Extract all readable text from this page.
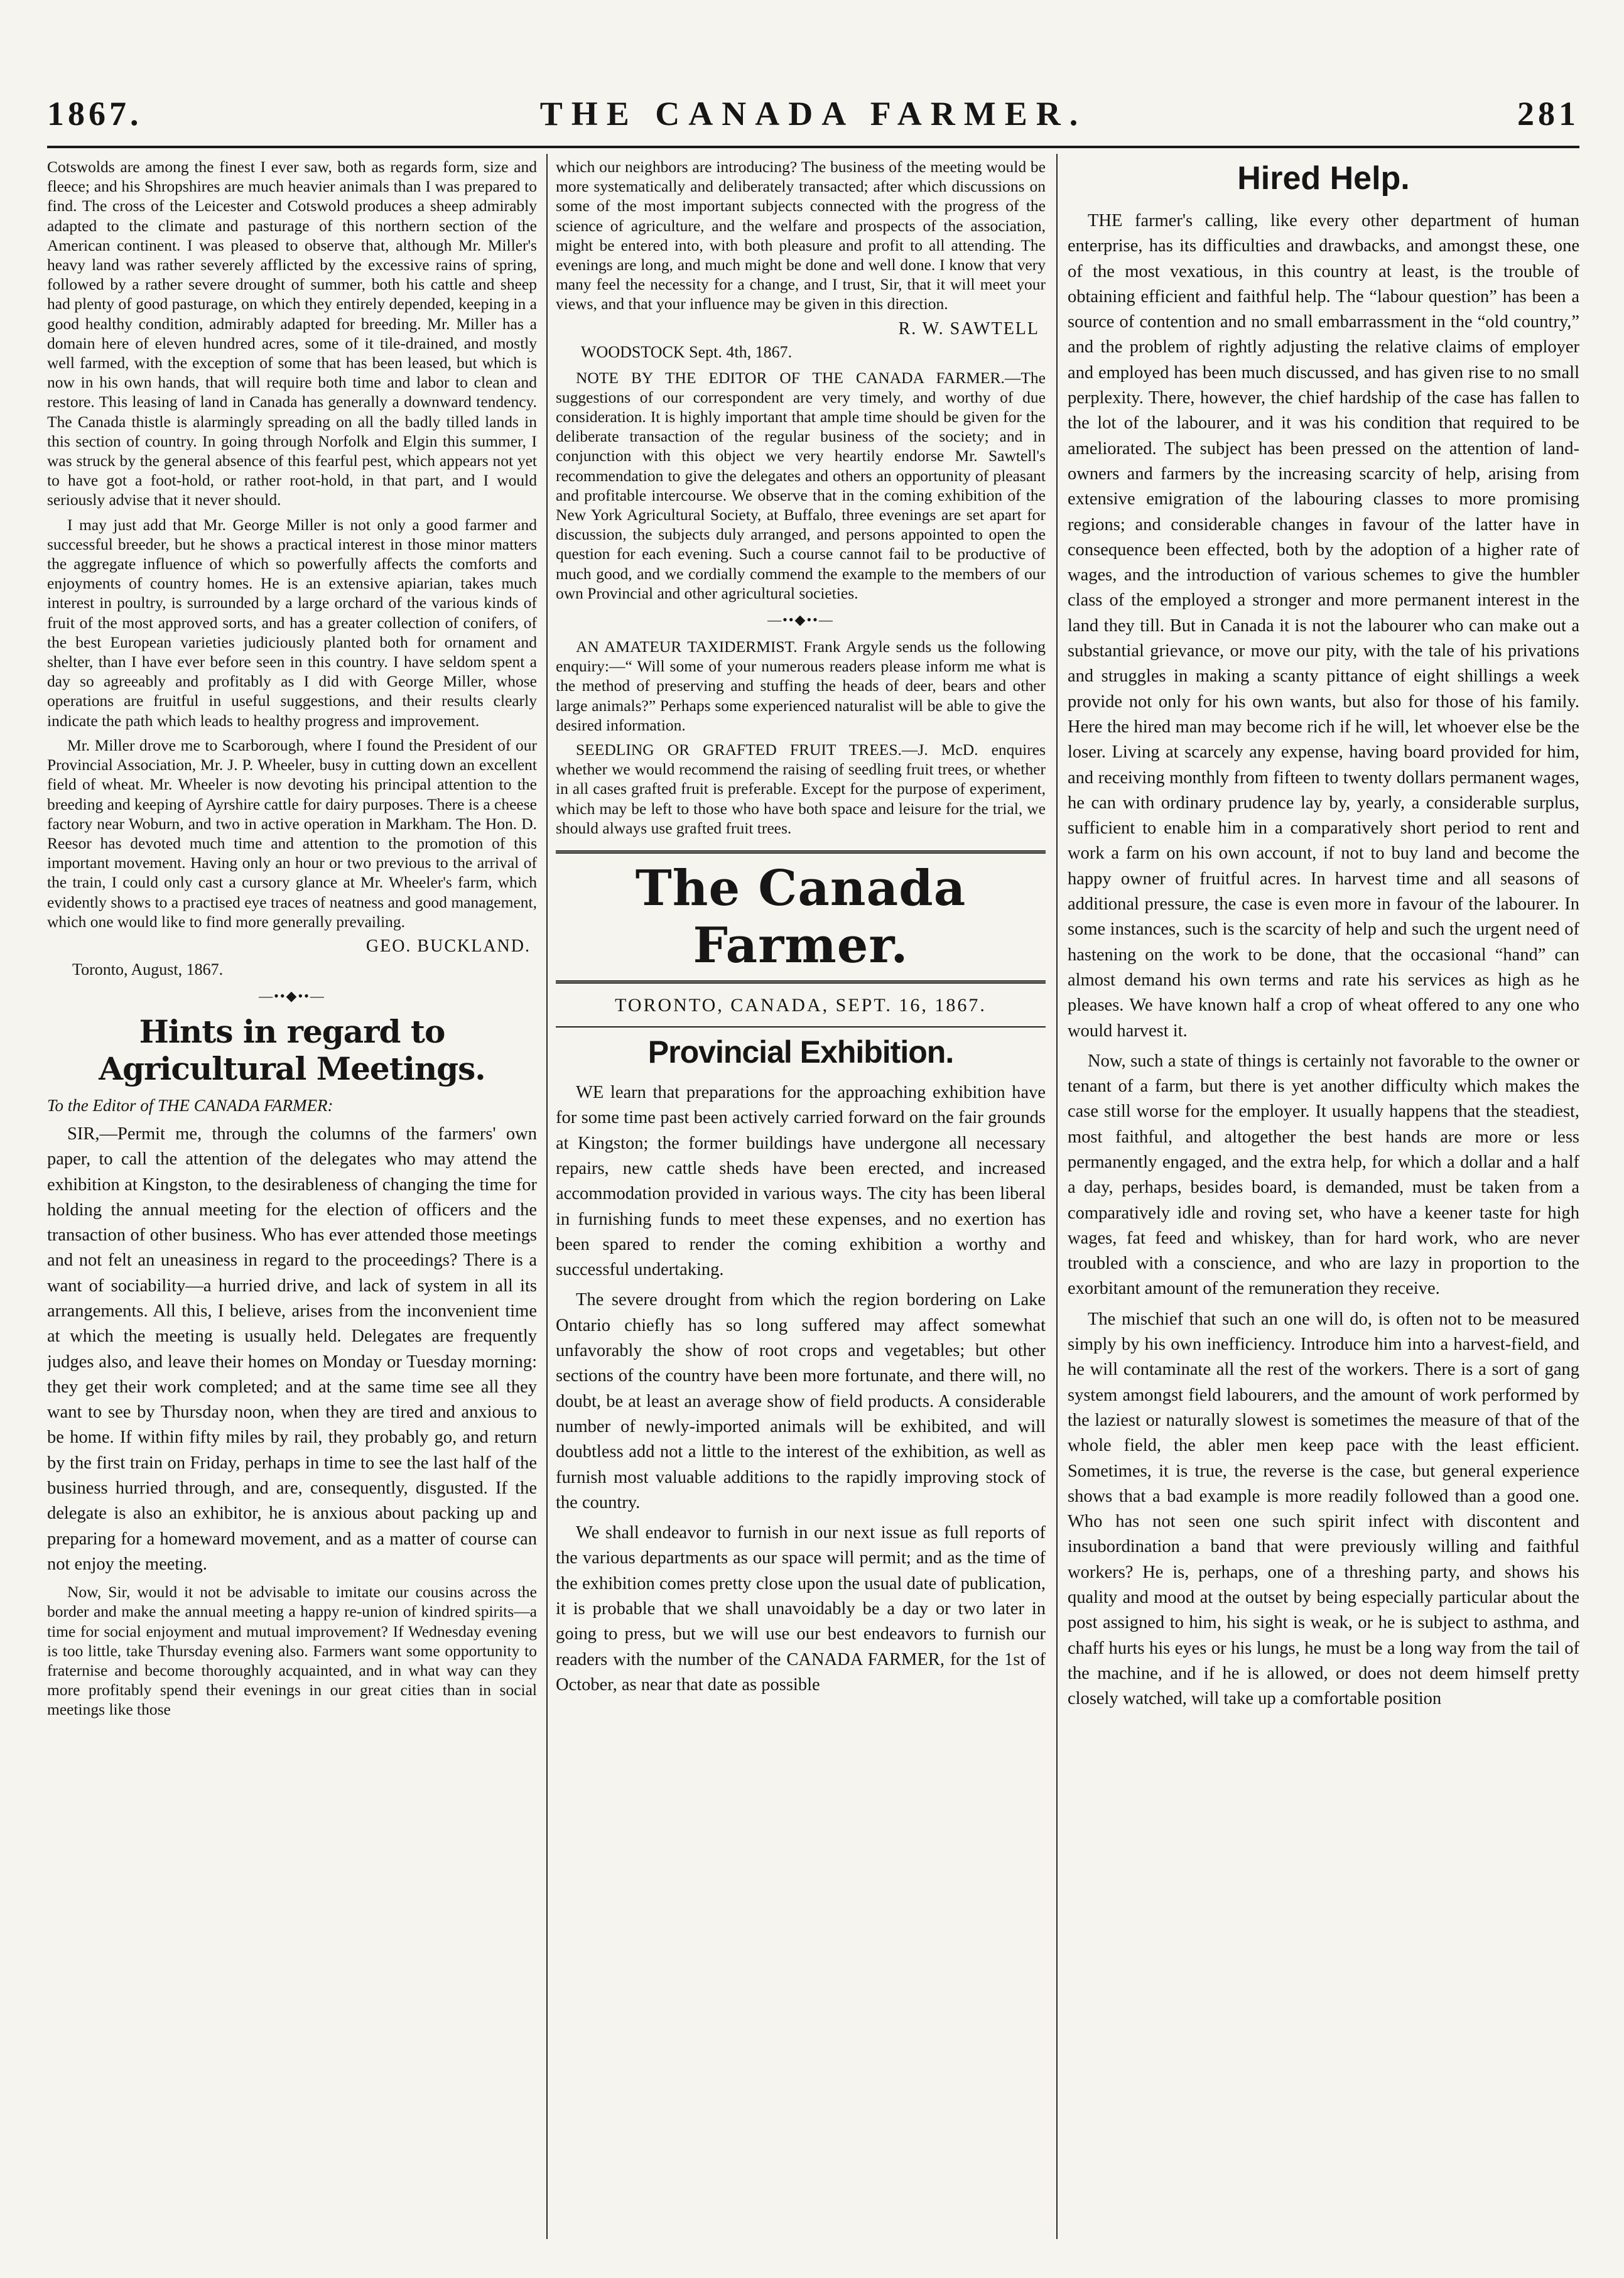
THE CANADA FARMER.
1867.	281

Cotswolds are among the finest I ever saw, both as regards form, size and fleece; and his Shropshires are much heavier animals than I was prepared to find. The cross of the Leicester and Cotswold produces a sheep admirably adapted to the climate and pasturage of this northern section of the American continent. I was pleased to observe that, although Mr. Miller's heavy land was rather severely afflicted by the excessive rains of spring, followed by a rather severe drought of summer, both his cattle and sheep had plenty of good pasturage, on which they entirely depended, keeping in a good healthy condition, admirably adapted for breeding. Mr. Miller has a domain here of eleven hundred acres, some of it tile-drained, and mostly well farmed, with the exception of some that has been leased, but which is now in his own hands, that will require both time and labor to clean and restore. This leasing of land in Canada has generally a downward tendency. The Canada thistle is alarmingly spreading on all the badly tilled lands in this section of country. In going through Norfolk and Elgin this summer, I was struck by the general absence of this fearful pest, which appears not yet to have got a foot-hold, or rather root-hold, in that part, and I would seriously advise that it never should.

I may just add that Mr. George Miller is not only a good farmer and successful breeder, but he shows a practical interest in those minor matters the aggregate influence of which so powerfully affects the comforts and enjoyments of country homes. He is an extensive apiarian, takes much interest in poultry, is surrounded by a large orchard of the various kinds of fruit of the most approved sorts, and has a greater collection of conifers, of the best European varieties judiciously planted both for ornament and shelter, than I have ever before seen in this country. I have seldom spent a day so agreeably and profitably as I did with George Miller, whose operations are fruitful in useful suggestions, and their results clearly indicate the path which leads to healthy progress and improvement.

Mr. Miller drove me to Scarborough, where I found the President of our Provincial Association, Mr. J. P. Wheeler, busy in cutting down an excellent field of wheat. Mr. Wheeler is now devoting his principal attention to the breeding and keeping of Ayrshire cattle for dairy purposes. There is a cheese factory near Woburn, and two in active operation in Markham. The Hon. D. Reesor has devoted much time and attention to the promotion of this important movement. Having only an hour or two previous to the arrival of the train, I could only cast a cursory glance at Mr. Wheeler's farm, which evidently shows to a practised eye traces of neatness and good management, which one would like to find more generally prevailing.

GEO. BUCKLAND.
Toronto, August, 1867.
—••◆••—
Hints in regard to Agricultural Meetings.
To the Editor of THE CANADA FARMER:

SIR,—Permit me, through the columns of the farmers' own paper, to call the attention of the delegates who may attend the exhibition at Kingston, to the desirableness of changing the time for holding the annual meeting for the election of officers and the transaction of other business. Who has ever attended those meetings and not felt an uneasiness in regard to the proceedings? There is a want of sociability—a hurried drive, and lack of system in all its arrangements. All this, I believe, arises from the inconvenient time at which the meeting is usually held. Delegates are frequently judges also, and leave their homes on Monday or Tuesday morning: they get their work completed; and at the same time see all they want to see by Thursday noon, when they are tired and anxious to be home. If within fifty miles by rail, they probably go, and return by the first train on Friday, perhaps in time to see the last half of the business hurried through, and are, consequently, disgusted. If the delegate is also an exhibitor, he is anxious about packing up and preparing for a homeward movement, and as a matter of course can not enjoy the meeting.

Now, Sir, would it not be advisable to imitate our cousins across the border and make the annual meeting a happy re-union of kindred spirits—a time for social enjoyment and mutual improvement? If Wednesday evening is too little, take Thursday evening also. Farmers want some opportunity to fraternise and become thoroughly acquainted, and in what way can they more profitably spend their evenings in our great cities than in social meetings like those

which our neighbors are introducing? The business of the meeting would be more systematically and deliberately transacted; after which discussions on some of the most important subjects connected with the progress of the science of agriculture, and the welfare and prospects of the association, might be entered into, with both pleasure and profit to all attending. The evenings are long, and much might be done and well done. I know that very many feel the necessity for a change, and I trust, Sir, that it will meet your views, and that your influence may be given in this direction.

R. W. SAWTELL
WOODSTOCK Sept. 4th, 1867.

NOTE BY THE EDITOR OF THE CANADA FARMER.—The suggestions of our correspondent are very timely, and worthy of due consideration. It is highly important that ample time should be given for the deliberate transaction of the regular business of the society; and in conjunction with this object we very heartily endorse Mr. Sawtell's recommendation to give the delegates and others an opportunity of pleasant and profitable intercourse. We observe that in the coming exhibition of the New York Agricultural Society, at Buffalo, three evenings are set apart for discussion, the subjects duly arranged, and persons appointed to open the question for each evening. Such a course cannot fail to be productive of much good, and we cordially commend the example to the members of our own Provincial and other agricultural societies.

—••◆••—

AN AMATEUR TAXIDERMIST. Frank Argyle sends us the following enquiry:—“ Will some of your numerous readers please inform me what is the method of preserving and stuffing the heads of deer, bears and other large animals?” Perhaps some experienced naturalist will be able to give the desired information.

SEEDLING OR GRAFTED FRUIT TREES.—J. McD. enquires whether we would recommend the raising of seedling fruit trees, or whether in all cases grafted fruit is preferable. Except for the purpose of experiment, which may be left to those who have both space and leisure for the trial, we should always use grafted fruit trees.

The Canada Farmer.
TORONTO, CANADA, SEPT. 16, 1867.
Provincial Exhibition.

WE learn that preparations for the approaching exhibition have for some time past been actively carried forward on the fair grounds at Kingston; the former buildings have undergone all necessary repairs, new cattle sheds have been erected, and increased accommodation provided in various ways. The city has been liberal in furnishing funds to meet these expenses, and no exertion has been spared to render the coming exhibition a worthy and successful undertaking.

The severe drought from which the region bordering on Lake Ontario chiefly has so long suffered may affect somewhat unfavorably the show of root crops and vegetables; but other sections of the country have been more fortunate, and there will, no doubt, be at least an average show of field products. A considerable number of newly-imported animals will be exhibited, and will doubtless add not a little to the interest of the exhibition, as well as furnish most valuable additions to the rapidly improving stock of the country.

We shall endeavor to furnish in our next issue as full reports of the various departments as our space will permit; and as the time of the exhibition comes pretty close upon the usual date of publication, it is probable that we shall unavoidably be a day or two later in going to press, but we will use our best endeavors to furnish our readers with the number of the CANADA FARMER, for the 1st of October, as near that date as possible

Hired Help.

THE farmer's calling, like every other department of human enterprise, has its difficulties and drawbacks, and amongst these, one of the most vexatious, in this country at least, is the trouble of obtaining efficient and faithful help. The “labour question” has been a source of contention and no small embarrassment in the “old country,” and the problem of rightly adjusting the relative claims of employer and employed has been much discussed, and has given rise to no small perplexity. There, however, the chief hardship of the case has fallen to the lot of the labourer, and it was his condition that required to be ameliorated. The subject has been pressed on the attention of land-owners and farmers by the increasing scarcity of help, arising from extensive emigration of the labouring classes to more promising regions; and considerable changes in favour of the latter have in consequence been effected, both by the adoption of a higher rate of wages, and the introduction of various schemes to give the humbler class of the employed a stronger and more permanent interest in the land they till. But in Canada it is not the labourer who can make out a substantial grievance, or move our pity, with the tale of his privations and struggles in making a scanty pittance of eight shillings a week provide not only for his own wants, but also for those of his family. Here the hired man may become rich if he will, let whoever else be the loser. Living at scarcely any expense, having board provided for him, and receiving monthly from fifteen to twenty dollars permanent wages, he can with ordinary prudence lay by, yearly, a considerable surplus, sufficient to enable him in a comparatively short period to rent and work a farm on his own account, if not to buy land and become the happy owner of fruitful acres. In harvest time and all seasons of additional pressure, the case is even more in favour of the labourer. In some instances, such is the scarcity of help and such the urgent need of hastening on the work to be done, that the occasional “hand” can almost demand his own terms and rate his services as high as he pleases. We have known half a crop of wheat offered to any one who would harvest it.

Now, such a state of things is certainly not favorable to the owner or tenant of a farm, but there is yet another difficulty which makes the case still worse for the employer. It usually happens that the steadiest, most faithful, and altogether the best hands are more or less permanently engaged, and the extra help, for which a dollar and a half a day, perhaps, besides board, is demanded, must be taken from a comparatively idle and roving set, who have a keener taste for high wages, fat feed and whiskey, than for hard work, who are never troubled with a conscience, and who are lazy in proportion to the exorbitant amount of the remuneration they receive.

The mischief that such an one will do, is often not to be measured simply by his own inefficiency. Introduce him into a harvest-field, and he will contaminate all the rest of the workers. There is a sort of gang system amongst field labourers, and the amount of work performed by the laziest or naturally slowest is sometimes the measure of that of the whole field, the abler men keep pace with the least efficient. Sometimes, it is true, the reverse is the case, but general experience shows that a bad example is more readily followed than a good one. Who has not seen one such spirit infect with discontent and insubordination a band that were previously willing and faithful workers? He is, perhaps, one of a threshing party, and shows his quality and mood at the outset by being especially particular about the post assigned to him, his sight is weak, or he is subject to asthma, and chaff hurts his eyes or his lungs, he must be a long way from the tail of the machine, and if he is allowed, or does not deem himself pretty closely watched, will take up a comfortable position
